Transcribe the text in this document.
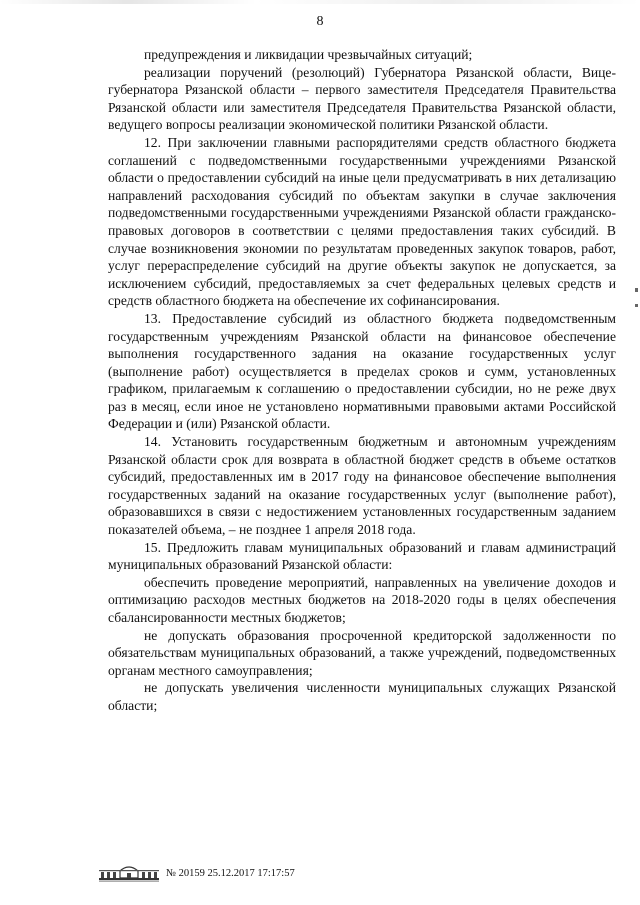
8

предупреждения и ликвидации чрезвычайных ситуаций;

реализации поручений (резолюций) Губернатора Рязанской области, Вице-губернатора Рязанской области – первого заместителя Председателя Правительства Рязанской области или заместителя Председателя Правительства Рязанской области, ведущего вопросы реализации экономической политики Рязанской области.

12. При заключении главными распорядителями средств областного бюджета соглашений с подведомственными государственными учреждениями Рязанской области о предоставлении субсидий на иные цели предусматривать в них детализацию направлений расходования субсидий по объектам закупки в случае заключения подведомственными государственными учреждениями Рязанской области гражданско-правовых договоров в соответствии с целями предоставления таких субсидий. В случае возникновения экономии по результатам проведенных закупок товаров, работ, услуг перераспределение субсидий на другие объекты закупок не допускается, за исключением субсидий, предоставляемых за счет федеральных целевых средств и средств областного бюджета на обеспечение их софинансирования.

13. Предоставление субсидий из областного бюджета подведомственным государственным учреждениям Рязанской области на финансовое обеспечение выполнения государственного задания на оказание государственных услуг (выполнение работ) осуществляется в пределах сроков и сумм, установленных графиком, прилагаемым к соглашению о предоставлении субсидии, но не реже двух раз в месяц, если иное не установлено нормативными правовыми актами Российской Федерации и (или) Рязанской области.

14. Установить государственным бюджетным и автономным учреждениям Рязанской области срок для возврата в областной бюджет средств в объеме остатков субсидий, предоставленных им в 2017 году на финансовое обеспечение выполнения государственных заданий на оказание государственных услуг (выполнение работ), образовавшихся в связи с недостижением установленных государственным заданием показателей объема, – не позднее 1 апреля 2018 года.

15. Предложить главам муниципальных образований и главам администраций муниципальных образований Рязанской области:

обеспечить проведение мероприятий, направленных на увеличение доходов и оптимизацию расходов местных бюджетов на 2018-2020 годы в целях обеспечения сбалансированности местных бюджетов;

не допускать образования просроченной кредиторской задолженности по обязательствам муниципальных образований, а также учреждений, подведомственных органам местного самоуправления;

не допускать увеличения численности муниципальных служащих Рязанской области;

№ 20159 25.12.2017 17:17:57
